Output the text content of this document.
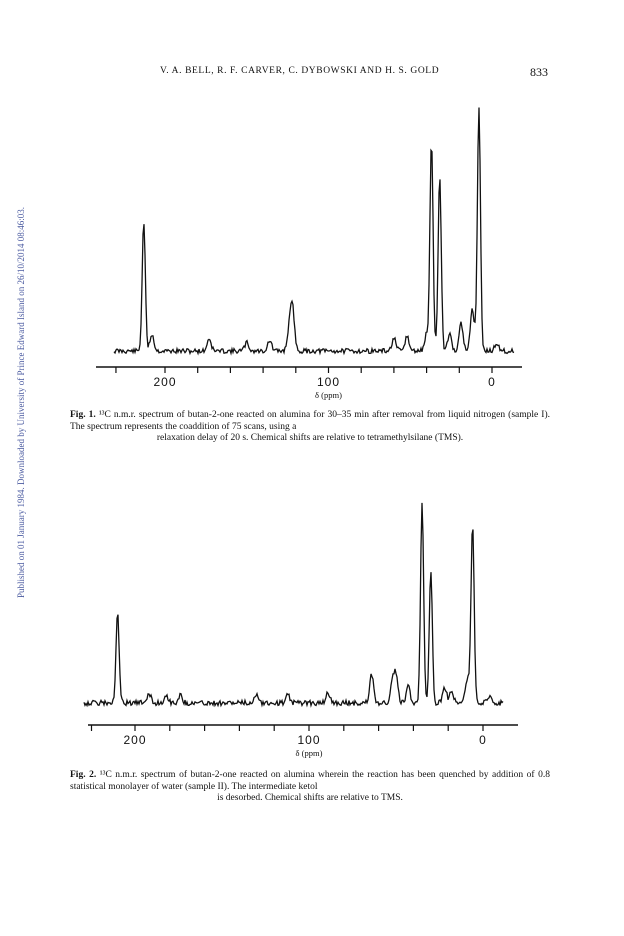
V. A. BELL, R. F. CARVER, C. DYBOWSKI AND H. S. GOLD	833
Published on 01 January 1984. Downloaded by University of Prince Edward Island on 26/10/2014 08:46:03.	200	100	0
δ (ppm)
Fig. 1. ¹³C n.m.r. spectrum of butan-2-one reacted on alumina for 30–35 min after removal from liquid nitrogen (sample I). The spectrum represents the coaddition of 75 scans, using a
relaxation delay of 20 s. Chemical shifts are relative to tetramethylsilane (TMS).
200	100	0
δ (ppm)
Fig. 2. ¹³C n.m.r. spectrum of butan-2-one reacted on alumina wherein the reaction has been quenched by addition of 0.8 statistical monolayer of water (sample II). The intermediate ketol
is desorbed. Chemical shifts are relative to TMS.
